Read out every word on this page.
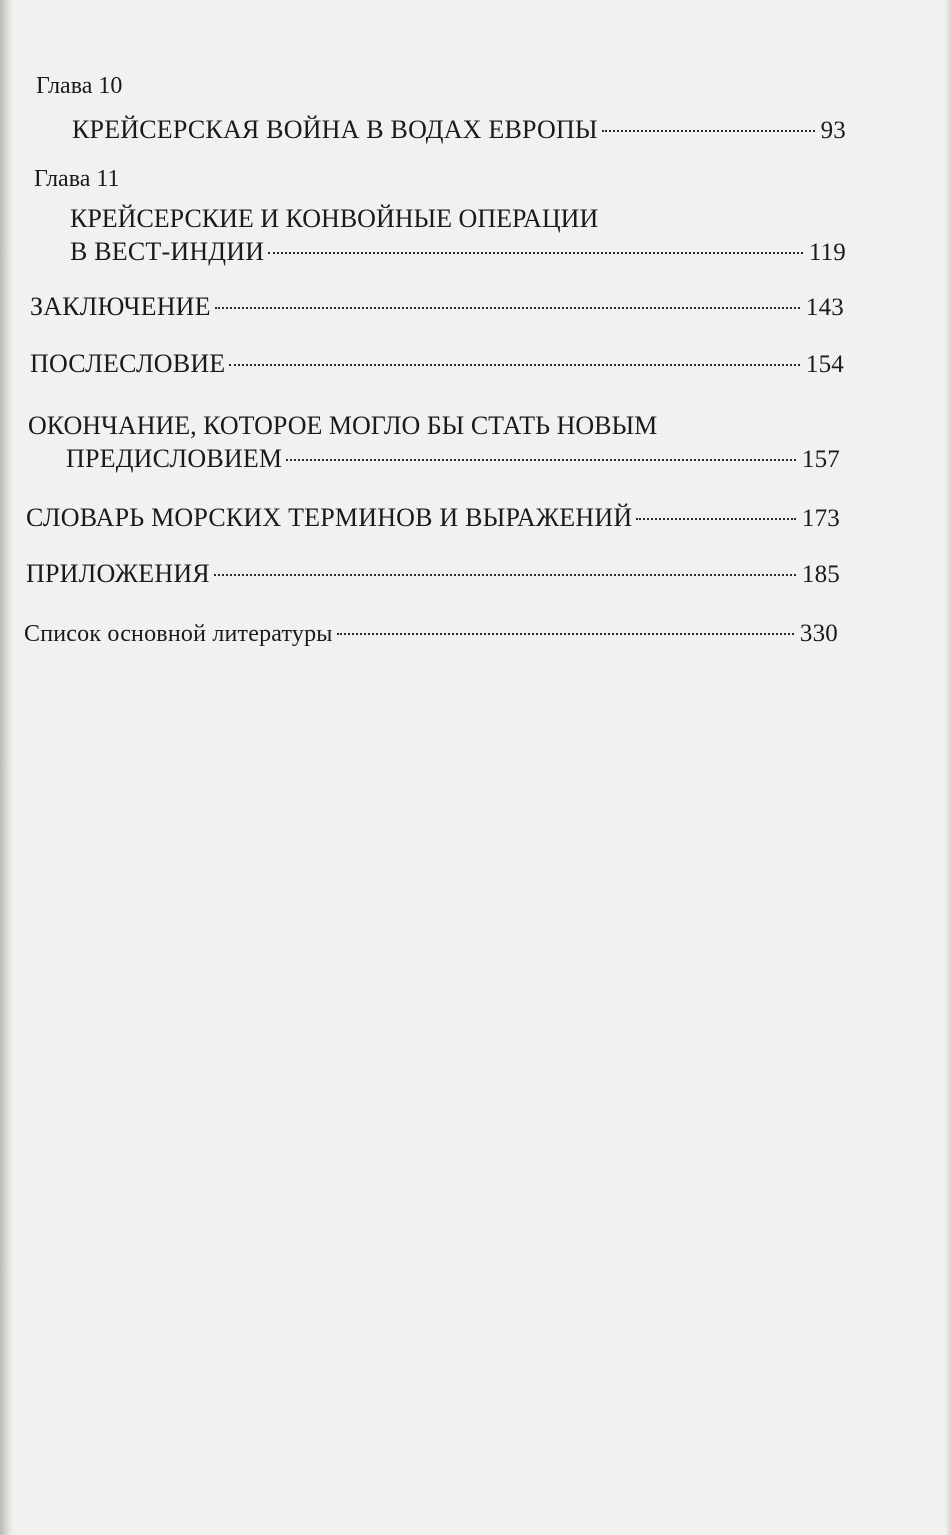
Глава 10
КРЕЙСЕРСКАЯ ВОЙНА В ВОДАХ ЕВРОПЫ	93
Глава 11
КРЕЙСЕРСКИЕ И КОНВОЙНЫЕ ОПЕРАЦИИ
В ВЕСТ-ИНДИИ	119
ЗАКЛЮЧЕНИЕ	143
ПОСЛЕСЛОВИЕ	154
ОКОНЧАНИЕ, КОТОРОЕ МОГЛО БЫ СТАТЬ НОВЫМ
ПРЕДИСЛОВИЕМ	157
СЛОВАРЬ МОРСКИХ ТЕРМИНОВ И ВЫРАЖЕНИЙ	173
ПРИЛОЖЕНИЯ	185
Список основной литературы	330
